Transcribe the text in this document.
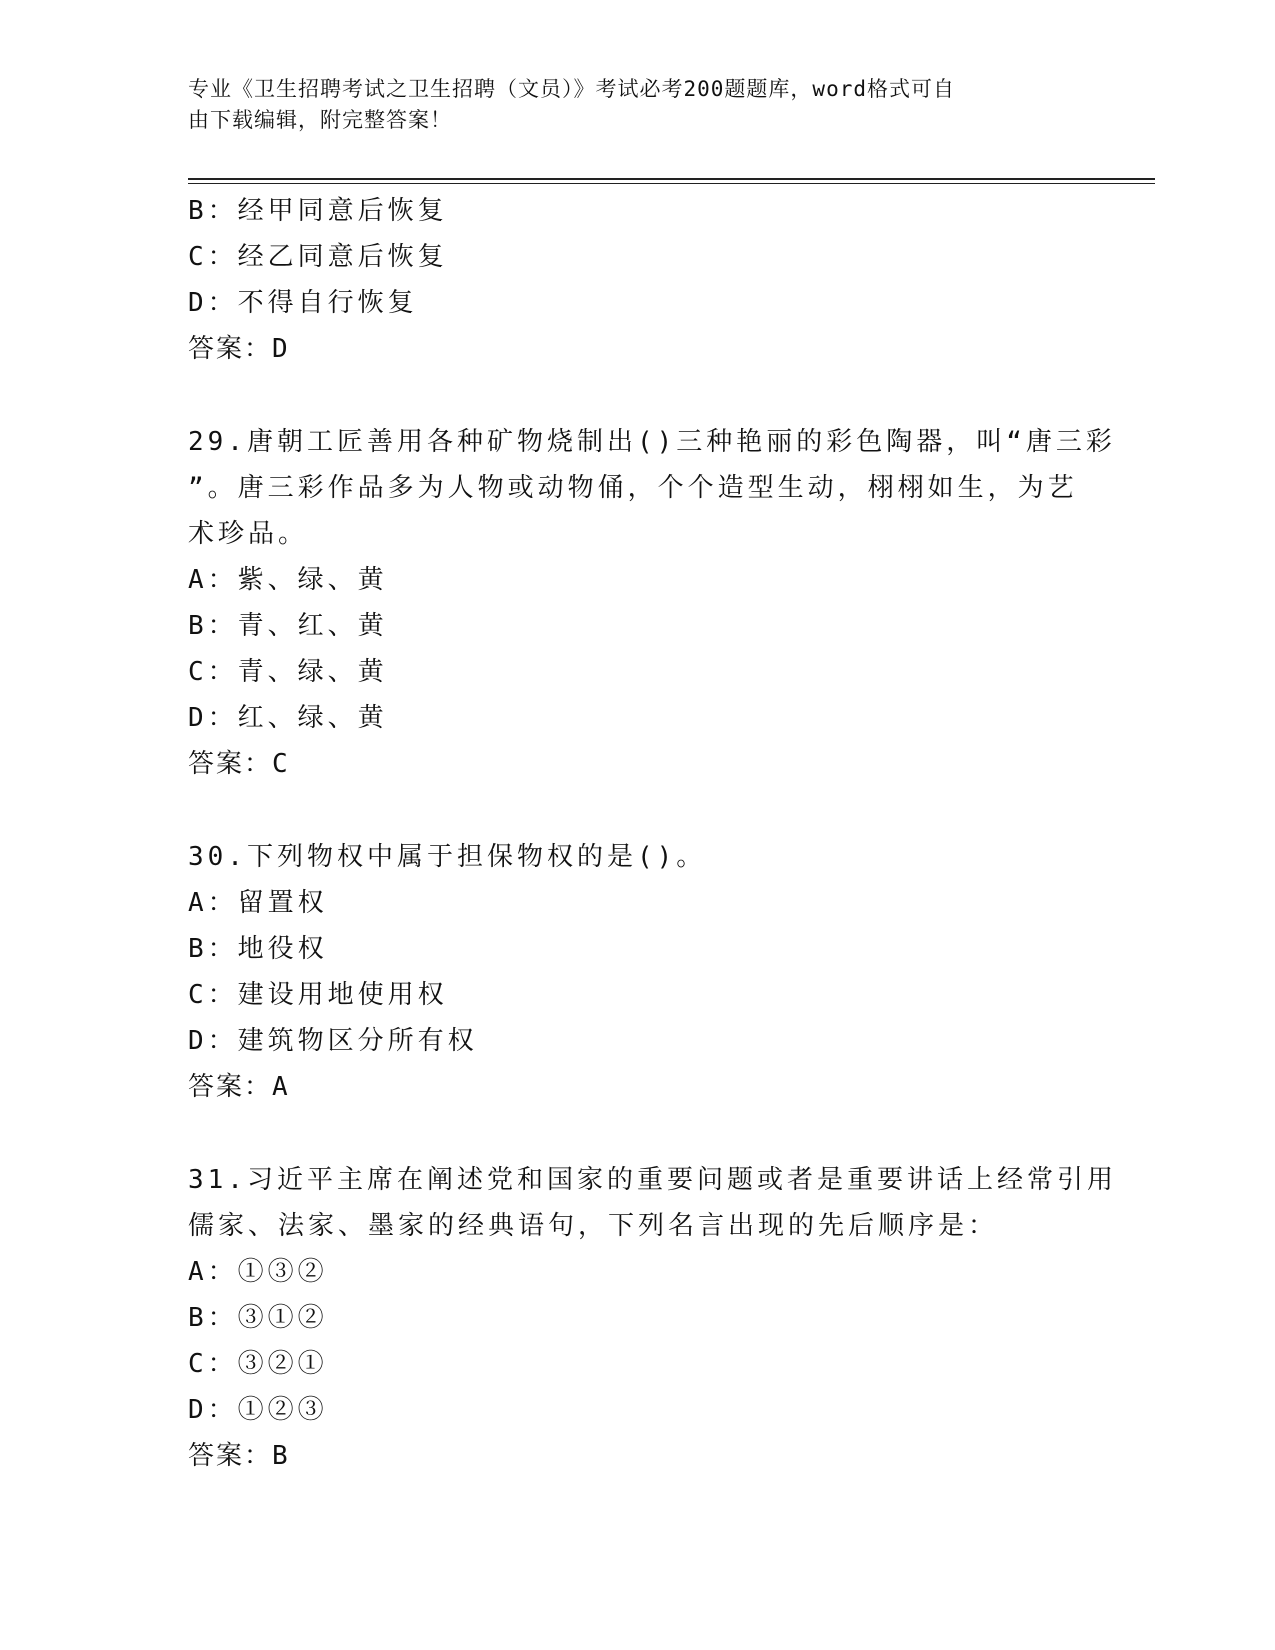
专业《卫生招聘考试之卫生招聘（文员）》考试必考200题题库，word格式可自
由下载编辑，附完整答案！
B：经甲同意后恢复
C：经乙同意后恢复
D：不得自行恢复
答案：D
29.唐朝工匠善用各种矿物烧制出()三种艳丽的彩色陶器，叫“唐三彩
”。唐三彩作品多为人物或动物俑，个个造型生动，栩栩如生，为艺
术珍品。
A：紫、绿、黄
B：青、红、黄
C：青、绿、黄
D：红、绿、黄
答案：C
30.下列物权中属于担保物权的是()。
A：留置权
B：地役权
C：建设用地使用权
D：建筑物区分所有权
答案：A
31.习近平主席在阐述党和国家的重要问题或者是重要讲话上经常引用
儒家、法家、墨家的经典语句，下列名言出现的先后顺序是：
A：①③②
B：③①②
C：③②①
D：①②③
答案：B
